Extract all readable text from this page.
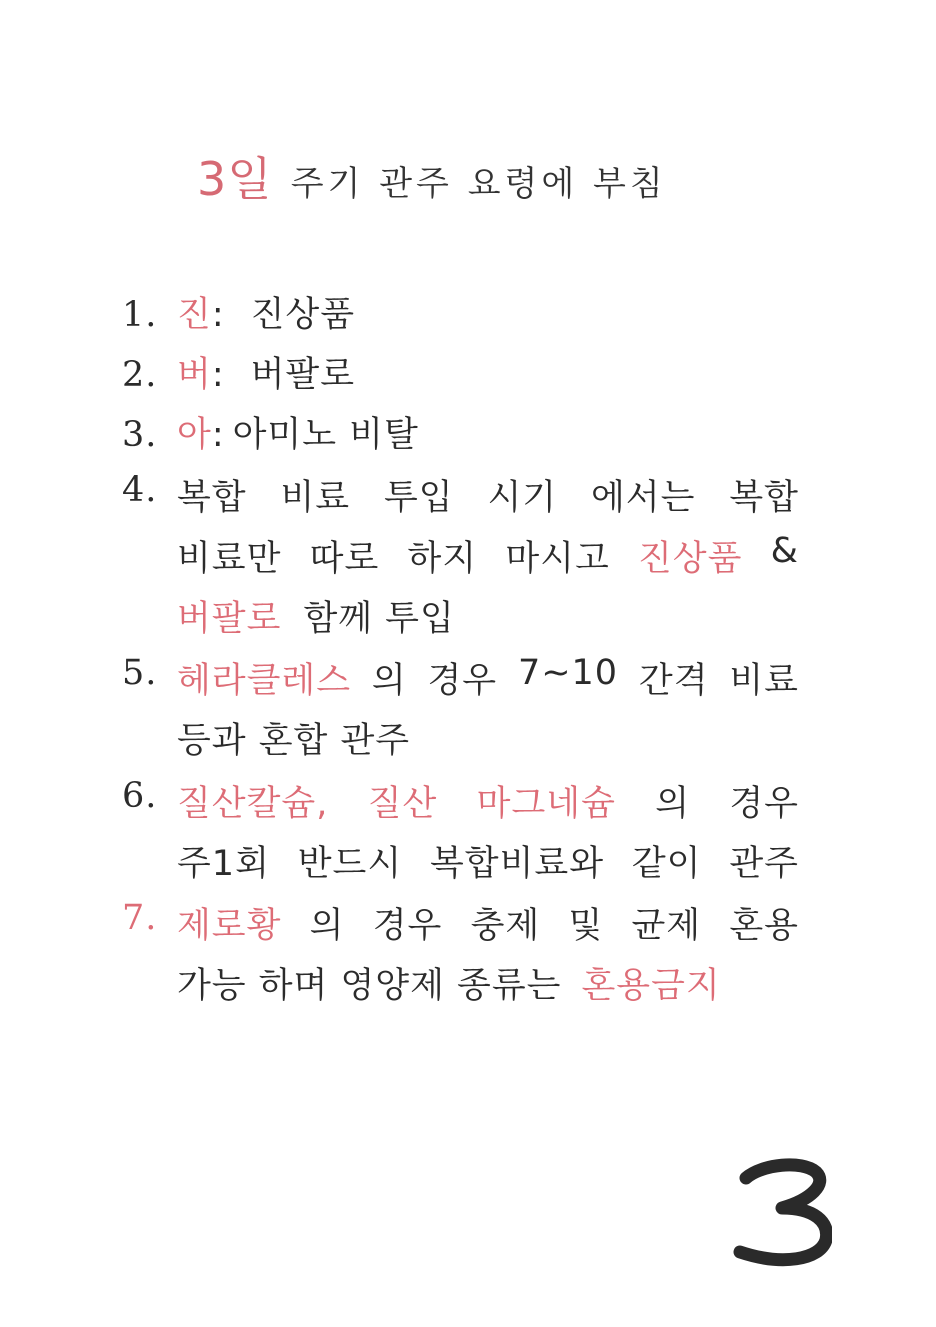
3일 주기 관주 요령에 부침
1. 진: 진상품
2. 버: 버팔로
3. 아: 아미노 비탈
4. 복합 비료 투입 시기 에서는 복합
비료만 따로 하지 마시고 진상품 &
버팔로 함께 투입
5. 헤라클레스 의 경우 7~10 간격 비료
등과 혼합 관주
6. 질산칼슘, 질산 마그네슘 의 경우
주1회 반드시 복합비료와 같이 관주
7. 제로황 의 경우 충제 및 균제 혼용
가능 하며 영양제 종류는 혼용금지
3
